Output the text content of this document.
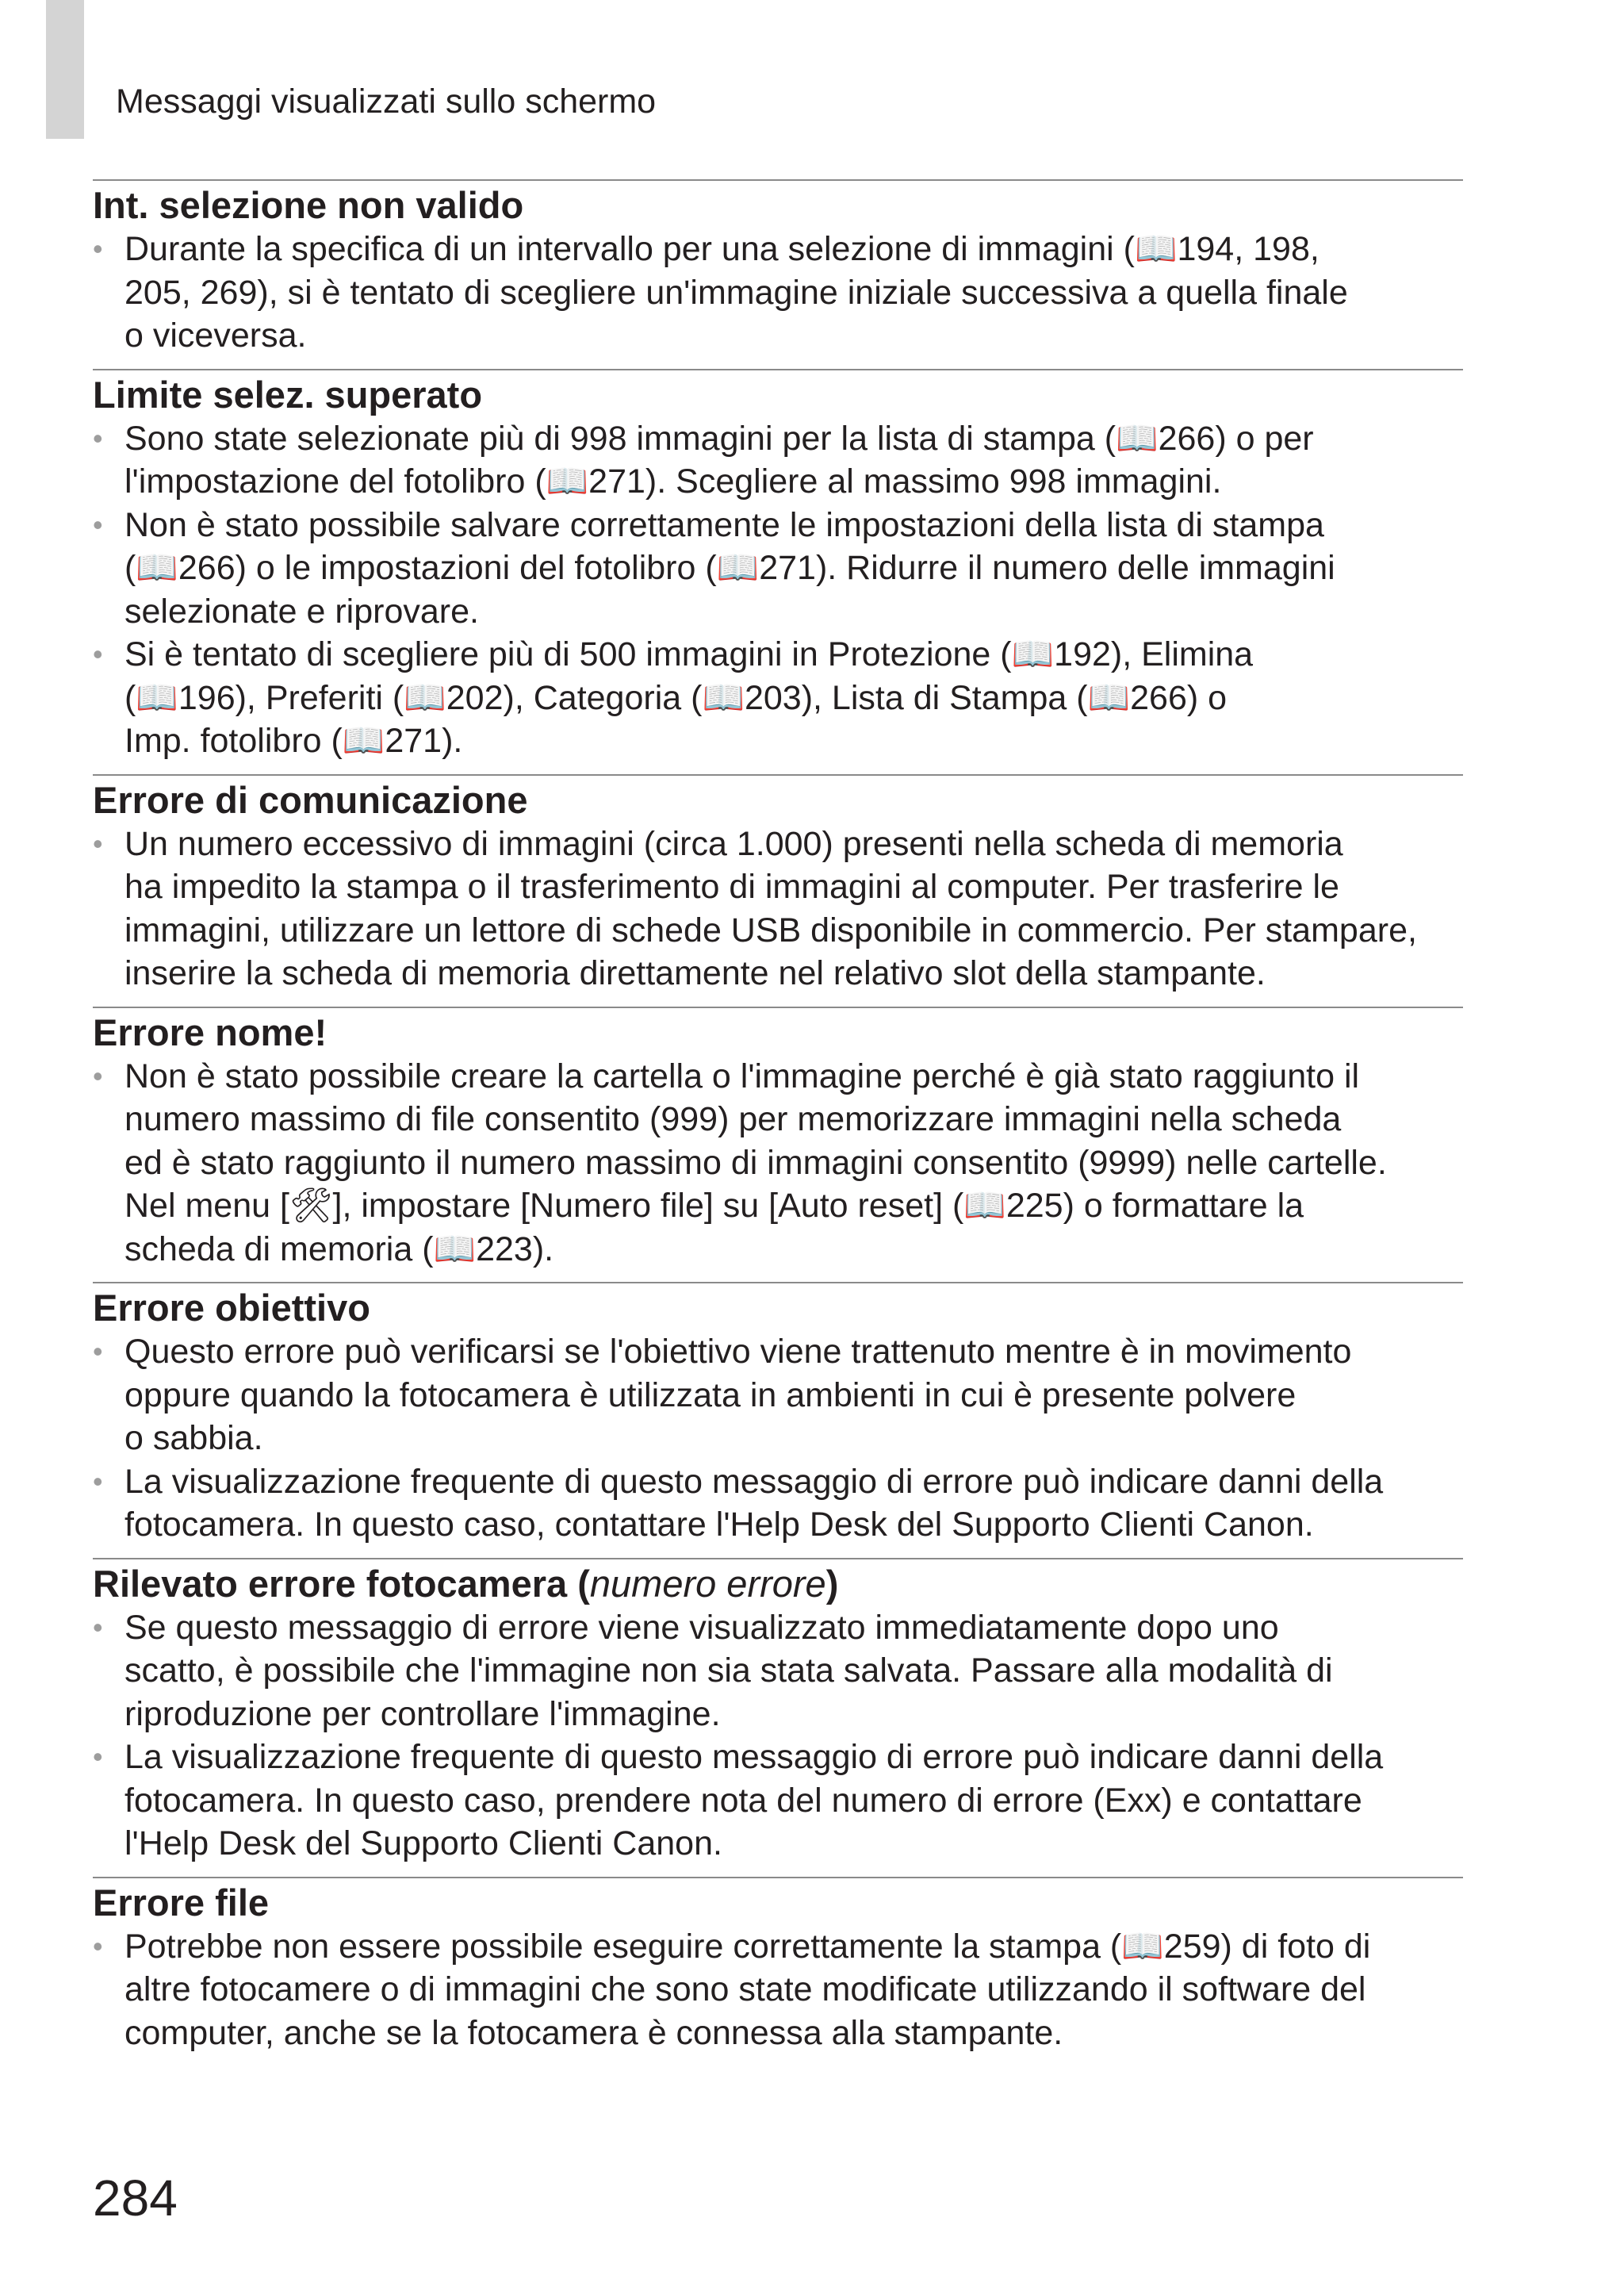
Messaggi visualizzati sullo schermo
Int. selezione non valido
• Durante la specifica di un intervallo per una selezione di immagini (📖194, 198,
205, 269), si è tentato di scegliere un'immagine iniziale successiva a quella finale
o viceversa.
Limite selez. superato
• Sono state selezionate più di 998 immagini per la lista di stampa (📖266) o per
l'impostazione del fotolibro (📖271). Scegliere al massimo 998 immagini.
• Non è stato possibile salvare correttamente le impostazioni della lista di stampa
(📖266) o le impostazioni del fotolibro (📖271). Ridurre il numero delle immagini
selezionate e riprovare.
• Si è tentato di scegliere più di 500 immagini in Protezione (📖192), Elimina
(📖196), Preferiti (📖202), Categoria (📖203), Lista di Stampa (📖266) o
Imp. fotolibro (📖271).
Errore di comunicazione
• Un numero eccessivo di immagini (circa 1.000) presenti nella scheda di memoria
ha impedito la stampa o il trasferimento di immagini al computer. Per trasferire le
immagini, utilizzare un lettore di schede USB disponibile in commercio. Per stampare,
inserire la scheda di memoria direttamente nel relativo slot della stampante.
Errore nome!
• Non è stato possibile creare la cartella o l'immagine perché è già stato raggiunto il
numero massimo di file consentito (999) per memorizzare immagini nella scheda
ed è stato raggiunto il numero massimo di immagini consentito (9999) nelle cartelle.
Nel menu [🛠], impostare [Numero file] su [Auto reset] (📖225) o formattare la
scheda di memoria (📖223).
Errore obiettivo
• Questo errore può verificarsi se l'obiettivo viene trattenuto mentre è in movimento
oppure quando la fotocamera è utilizzata in ambienti in cui è presente polvere
o sabbia.
• La visualizzazione frequente di questo messaggio di errore può indicare danni della
fotocamera. In questo caso, contattare l'Help Desk del Supporto Clienti Canon.
Rilevato errore fotocamera (numero errore)
• Se questo messaggio di errore viene visualizzato immediatamente dopo uno
scatto, è possibile che l'immagine non sia stata salvata. Passare alla modalità di
riproduzione per controllare l'immagine.
• La visualizzazione frequente di questo messaggio di errore può indicare danni della
fotocamera. In questo caso, prendere nota del numero di errore (Exx) e contattare
l'Help Desk del Supporto Clienti Canon.
Errore file
• Potrebbe non essere possibile eseguire correttamente la stampa (📖259) di foto di
altre fotocamere o di immagini che sono state modificate utilizzando il software del
computer, anche se la fotocamera è connessa alla stampante.
284
